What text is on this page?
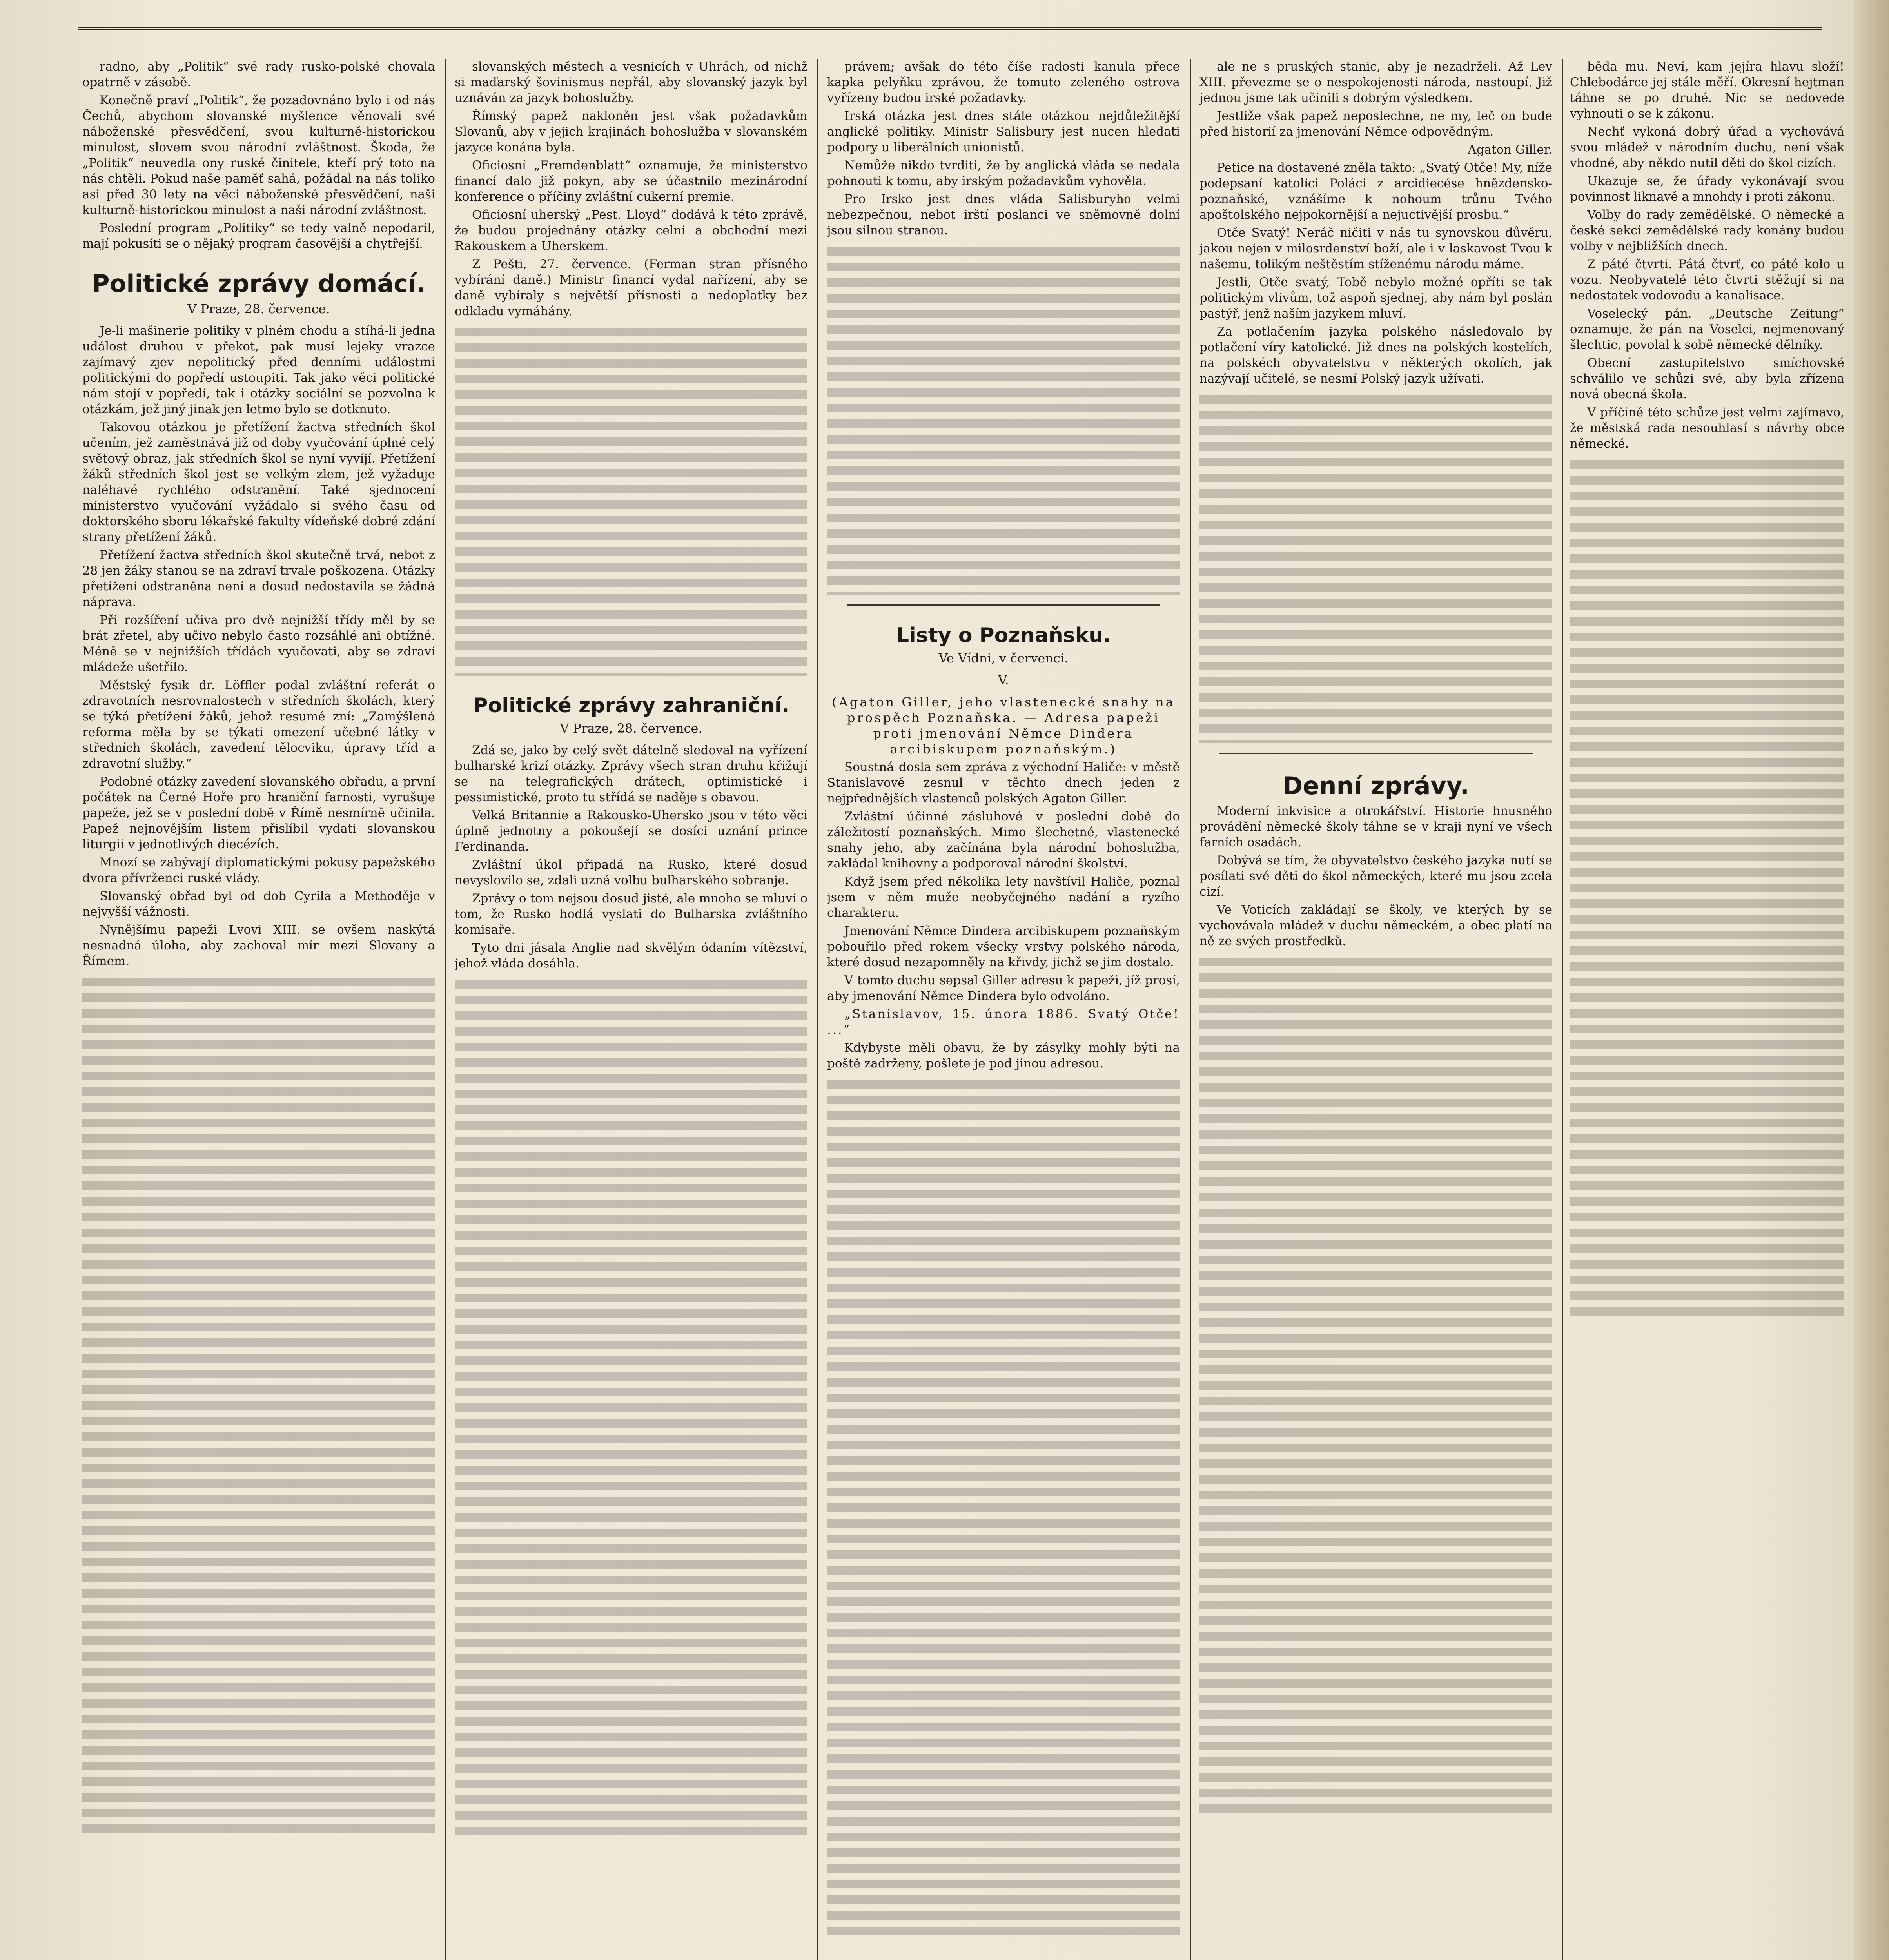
radno, aby „Politik“ své rady rusko-polské chovala opatrně v zásobě.

Konečně praví „Politik“, že pozadovnáno bylo i od nás Čechů, abychom slovanské myšlence věnovali své náboženské přesvědčení, svou kulturně-historickou minulost, slovem svou národní zvláštnost. Škoda, že „Politik“ neuvedla ony ruské činitele, kteří prý toto na nás chtěli. Pokud naše paměť sahá, požádal na nás toliko asi před 30 lety na věci náboženské přesvědčení, naši kulturně-historickou minulost a naši národní zvláštnost.

Poslední program „Politiky“ se tedy valně nepodaril, mají pokusíti se o nějaký program časovější a chytřejší.

Politické zprávy domácí.
V Praze, 28. července.

Je-li mašinerie politiky v plném chodu a stíhá-li jedna událost druhou v překot, pak musí lejeky vrazce zajímavý zjev nepolitický před denními událostmi politickými do popředí ustoupiti. Tak jako věci politické nám stojí v popředí, tak i otázky sociální se pozvolna k otázkám, jež jiný jinak jen letmo bylo se dotknuto.

Takovou otázkou je přetížení žactva středních škol učením, jež zaměstnává již od doby vyučování úplné celý světový obraz, jak středních škol se nyní vyvíjí. Přetížení žáků středních škol jest se velkým zlem, jež vyžaduje naléhavé rychlého odstranění. Také sjednocení ministerstvo vyučování vyžádalo si svého času od doktorského sboru lékařské fakulty vídeňské dobré zdání strany přetížení žáků.

Přetížení žactva středních škol skutečně trvá, nebot z 28 jen žáky stanou se na zdraví trvale poškozena. Otázky přetížení odstraněna není a dosud nedostavila se žádná náprava.

Při rozšíření učiva pro dvě nejnižší třídy měl by se brát zřetel, aby učivo nebylo často rozsáhlé ani obtížné. Méně se v nejnižších třídách vyučovati, aby se zdraví mládeže ušetřilo.

Městský fysik dr. Löffler podal zvláštní referát o zdravotních nesrovnalostech v středních školách, který se týká přetížení žáků, jehož resumé zní: „Zamýšlená reforma měla by se týkati omezení učebné látky v středních školách, zavedení tělocviku, úpravy tříd a zdravotní služby.“

Podobné otázky zavedení slovanského obřadu, a první počátek na Černé Hoře pro hraniční farnosti, vyrušuje papeže, jež se v poslední době v Římě nesmírně učinila. Papež nejnovějším listem přislíbil vydati slovanskou liturgii v jednotlivých diecézích.

Mnozí se zabývají diplomatickými pokusy papežského dvora přívrženci ruské vlády.

Slovanský obřad byl od dob Cyrila a Methoděje v nejvyšší vážnosti.

Nynějšímu papeži Lvovi XIII. se ovšem naskýtá nesnadná úloha, aby zachoval mír mezi Slovany a Římem.

slovanských městech a vesnicích v Uhrách, od nichž si maďarský šovinismus nepřál, aby slovanský jazyk byl uznáván za jazyk bohoslužby.

Římský papež nakloněn jest však požadavkům Slovanů, aby v jejich krajinách bohoslužba v slovanském jazyce konána byla.

Oficiosní „Fremdenblatt“ oznamuje, že ministerstvo financí dalo již pokyn, aby se účastnilo mezinárodní konference o příčiny zvláštní cukerní premie.

Oficiosní uherský „Pest. Lloyd“ dodává k této zprávě, že budou projednány otázky celní a obchodní mezi Rakouskem a Uherskem.

Z Pešti, 27. července. (Ferman stran přísného vybírání daně.) Ministr financí vydal nařízení, aby se daně vybíraly s největší přísností a nedoplatky bez odkladu vymáhány.

Politické zprávy zahraniční.
V Praze, 28. července.

Zdá se, jako by celý svět dátelně sledoval na vyřízení bulharské krizí otázky. Zprávy všech stran druhu křižují se na telegrafických drátech, optimistické i pessimistické, proto tu střídá se naděje s obavou.

Velká Britannie a Rakousko-Uhersko jsou v této věci úplně jednotny a pokoušejí se dosíci uznání prince Ferdinanda.

Zvláštní úkol připadá na Rusko, které dosud nevyslovilo se, zdali uzná volbu bulharského sobranje.

Zprávy o tom nejsou dosud jisté, ale mnoho se mluví o tom, že Rusko hodlá vyslati do Bulharska zvláštního komisaře.

Tyto dni jásala Anglie nad skvělým ódaním vítězství, jehož vláda dosáhla.

právem; avšak do této číše radosti kanula přece kapka pelyňku zprávou, že tomuto zeleného ostrova vyřízeny budou irské požadavky.

Irská otázka jest dnes stále otázkou nejdůležitější anglické politiky. Ministr Salisbury jest nucen hledati podpory u liberálních unionistů.

Nemůže nikdo tvrditi, že by anglická vláda se nedala pohnouti k tomu, aby irským požadavkům vyhověla.

Pro Irsko jest dnes vláda Salisburyho velmi nebezpečnou, nebot irští poslanci ve sněmovně dolní jsou silnou stranou.

Listy o Poznaňsku.
Ve Vídni, v červenci.
V.
(Agaton Giller, jeho vlastenecké snahy na prospěch Poznaňska. — Adresa papeži proti jmenování Němce Dindera arcibiskupem poznaňským.)

Soustná dosla sem zpráva z východní Haliče: v městě Stanislavově zesnul v těchto dnech jeden z nejpřednějších vlastenců polských Agaton Giller.

Zvláštní účinné zásluhové v poslední době do záležitostí poznaňských. Mimo šlechetné, vlastenecké snahy jeho, aby začínána byla národní bohoslužba, zakládal knihovny a podporoval národní školství.

Když jsem před několika lety navštívil Haliče, poznal jsem v něm muže neobyčejného nadání a ryzího charakteru.

Jmenování Němce Dindera arcibiskupem poznaňským pobouřilo před rokem všecky vrstvy polského národa, které dosud nezapomněly na křivdy, jichž se jim dostalo.

V tomto duchu sepsal Giller adresu k papeži, jíž prosí, aby jmenování Němce Dindera bylo odvoláno.

„Stanislavov, 15. února 1886. Svatý Otče! ...“

Kdybyste měli obavu, že by zásylky mohly býti na poště zadrženy, pošlete je pod jinou adresou.

ale ne s pruských stanic, aby je nezadrželi. Až Lev XIII. převezme se o nespokojenosti národa, nastoupí. Již jednou jsme tak učinili s dobrým výsledkem.

Jestliže však papež neposlechne, ne my, leč on bude před historií za jmenování Němce odpovědným.

Agaton Giller.

Petice na dostavené zněla takto: „Svatý Otče! My, níže podepsaní katolíci Poláci z arcidiecése hnězdensko-poznaňské, vznášíme k nohoum trůnu Tvého apoštolského nejpokornější a nejuctivější prosbu.“

Otče Svatý! Neráč ničiti v nás tu synovskou důvěru, jakou nejen v milosrdenství boží, ale i v laskavost Tvou k našemu, tolikým neštěstím stíženému národu máme.

Jestli, Otče svatý, Tobě nebylo možné opříti se tak politickým vlivům, tož aspoň sjednej, aby nám byl poslán pastýř, jenž naším jazykem mluví.

Za potlačením jazyka polského následovalo by potlačení víry katolické. Již dnes na polských kostelích, na polskéch obyvatelstvu v některých okolích, jak nazývají učitelé, se nesmí Polský jazyk užívati.

Denní zprávy.

Moderní inkvisice a otrokářství. Historie hnusného provádění německé školy táhne se v kraji nyní ve všech farních osadách.

Dobývá se tím, že obyvatelstvo českého jazyka nutí se posílati své děti do škol německých, které mu jsou zcela cizí.

Ve Voticích zakládají se školy, ve kterých by se vychovávala mládež v duchu německém, a obec platí na ně ze svých prostředků.

běda mu. Neví, kam jejíra hlavu složí! Chlebodárce jej stále měří. Okresní hejtman táhne se po druhé. Nic se nedovede vyhnouti o se k zákonu.

Nechť vykoná dobrý úřad a vychovává svou mládež v národním duchu, není však vhodné, aby někdo nutil děti do škol cizích.

Ukazuje se, že úřady vykonávají svou povinnost liknavě a mnohdy i proti zákonu.

Volby do rady zemědělské. O německé a české sekci zemědělské rady konány budou volby v nejbližších dnech.

Z páté čtvrti. Pátá čtvrť, co páté kolo u vozu. Neobyvatelé této čtvrti stěžují si na nedostatek vodovodu a kanalisace.

Voselecký pán. „Deutsche Zeitung“ oznamuje, že pán na Voselci, nejmenovaný šlechtic, povolal k sobě německé dělníky.

Obecní zastupitelstvo smíchovské schválilo ve schůzi své, aby byla zřízena nová obecná škola.

V příčině této schůze jest velmi zajímavo, že městská rada nesouhlasí s návrhy obce německé.
